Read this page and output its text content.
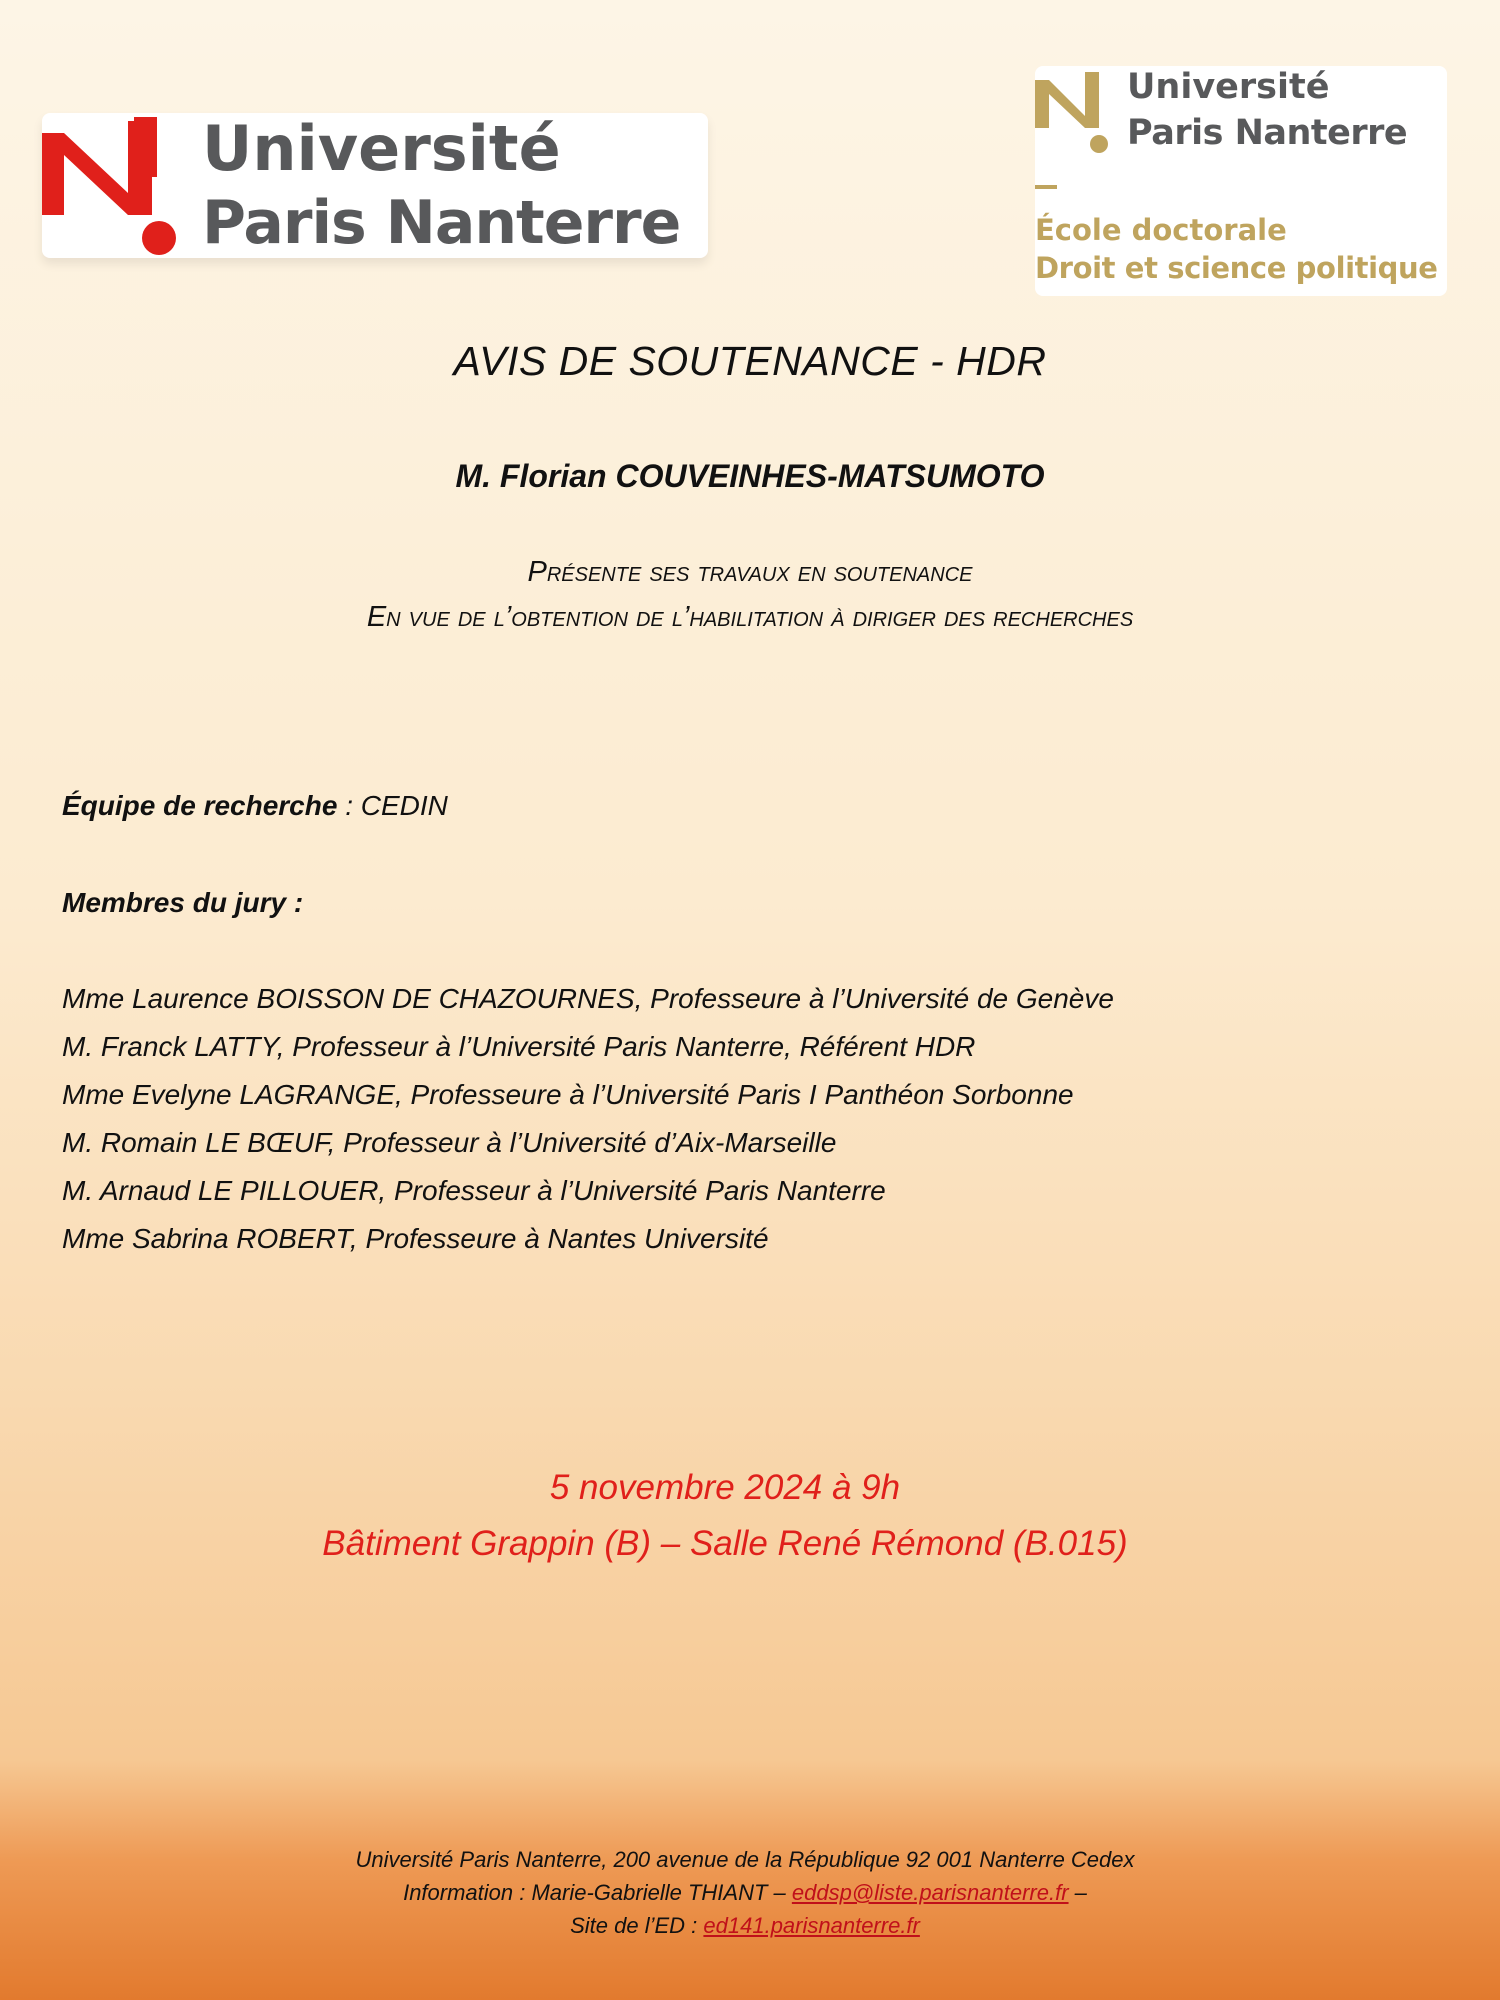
Université
Paris Nanterre
Université
Paris Nanterre
École doctorale
Droit et science politique
AVIS DE SOUTENANCE - HDR
M. Florian COUVEINHES-MATSUMOTO
Présente ses travaux en soutenance
En vue de l’obtention de l’habilitation à diriger des recherches
Équipe de recherche : CEDIN
Membres du jury :
Mme Laurence BOISSON DE CHAZOURNES, Professeure à l’Université de Genève
M. Franck LATTY, Professeur à l’Université Paris Nanterre, Référent HDR
Mme Evelyne LAGRANGE, Professeure à l’Université Paris I Panthéon Sorbonne
M. Romain LE BŒUF, Professeur à l’Université d’Aix-Marseille
M. Arnaud LE PILLOUER, Professeur à l’Université Paris Nanterre
Mme Sabrina ROBERT, Professeure à Nantes Université
5 novembre 2024 à 9h
Bâtiment Grappin (B) – Salle René Rémond (B.015)
Université Paris Nanterre, 200 avenue de la République 92 001 Nanterre Cedex
Information : Marie-Gabrielle THIANT – eddsp@liste.parisnanterre.fr –
Site de l’ED : ed141.parisnanterre.fr
